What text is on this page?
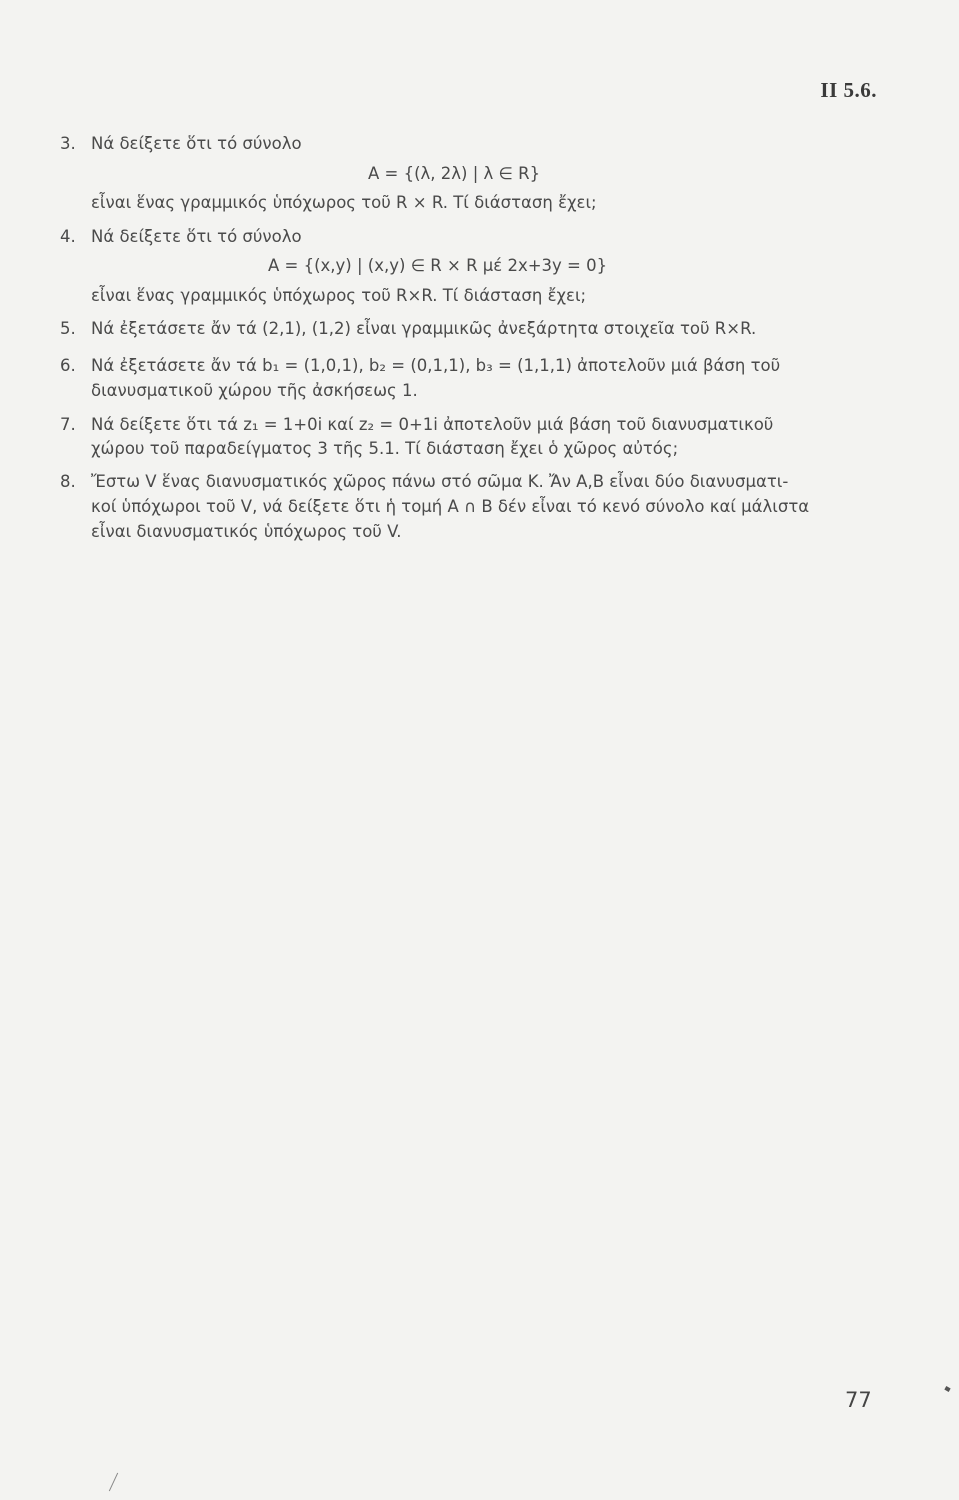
II 5.6.
3. Νά δείξετε ὅτι τό σύνολο
A = {(λ, 2λ) | λ ∈ R}
εἶναι ἕνας γραμμικός ὑπόχωρος τοῦ R × R. Τί διάσταση ἔχει;
4. Νά δείξετε ὅτι τό σύνολο
A = {(x,y) | (x,y) ∈ R × R μέ 2x+3y = 0}
εἶναι ἕνας γραμμικός ὑπόχωρος τοῦ R×R. Τί διάσταση ἔχει;
5. Νά ἐξετάσετε ἄν τά (2,1), (1,2) εἶναι γραμμικῶς ἀνεξάρτητα στοιχεῖα τοῦ R×R.
6. Νά ἐξετάσετε ἄν τά b₁ = (1,0,1), b₂ = (0,1,1), b₃ = (1,1,1) ἀποτελοῦν μιά βάση τοῦ
διανυσματικοῦ χώρου τῆς ἀσκήσεως 1.
7. Νά δείξετε ὅτι τά z₁ = 1+0i καί z₂ = 0+1i ἀποτελοῦν μιά βάση τοῦ διανυσματικοῦ
χώρου τοῦ παραδείγματος 3 τῆς 5.1. Τί διάσταση ἔχει ὁ χῶρος αὐτός;
8. Ἔστω V ἕνας διανυσματικός χῶρος πάνω στό σῶμα K. Ἄν A,B εἶναι δύο διανυσματι-
κοί ὑπόχωροι τοῦ V, νά δείξετε ὅτι ἡ τομή A ∩ B δέν εἶναι τό κενό σύνολο καί μάλιστα
εἶναι διανυσματικός ὑπόχωρος τοῦ V.
77
